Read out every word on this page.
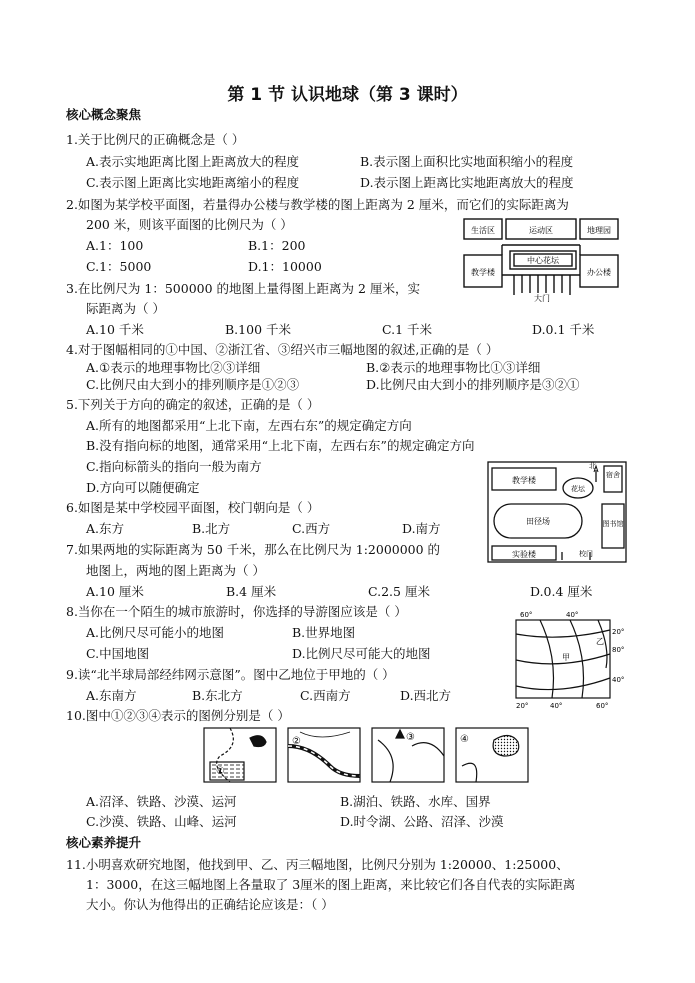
第 1 节 认识地球（第 3 课时）
核心概念聚焦
1.关于比例尺的正确概念是（ ）
A.表示实地距离比图上距离放大的程度	B.表示图上面积比实地面积缩小的程度
C.表示图上距离比实地距离缩小的程度	D.表示图上距离比实地距离放大的程度
2.如图为某学校平面图，若量得办公楼与教学楼的图上距离为 2 厘米，而它们的实际距离为
200 米，则该平面图的比例尺为（ ）
A.1：100	B.1：200
C.1：5000	D.1：10000
生活区	运动区	地理园
教学楼
中心花坛
办公楼
大门
3.在比例尺为 1：500000 的地图上量得图上距离为 2 厘米，实
际距离为（ ）
A.10 千米	B.100 千米	C.1 千米	D.0.1 千米
4.对于图幅相同的①中国、②浙江省、③绍兴市三幅地图的叙述,正确的是（ ）
A.①表示的地理事物比②③详细	B.②表示的地理事物比①③详细
C.比例尺由大到小的排列顺序是①②③	D.比例尺由大到小的排列顺序是③②①
5.下列关于方向的确定的叙述，正确的是（ ）
A.所有的地图都采用“上北下南，左西右东”的规定确定方向
B.没有指向标的地图，通常采用“上北下南，左西右东”的规定确定方向
C.指向标箭头的指向一般为南方
D.方向可以随便确定
北
教学楼
花坛
宿舍
田径场	图书馆
实验楼	校门
6.如图是某中学校园平面图，校门朝向是（ ）
A.东方	B.北方	C.西方	D.南方
7.如果两地的实际距离为 50 千米，那么在比例尺为 1:2000000 的
地图上，两地的图上距离为（ ）
A.10 厘米	B.4 厘米	C.2.5 厘米	D.0.4 厘米
8.当你在一个陌生的城市旅游时，你选择的导游图应该是（ ）
A.比例尺尽可能小的地图	B.世界地图
C.中国地图	D.比例尺尽可能大的地图
60°	40°
20°
80°
40°
20°	40°	60°
甲
乙
9.读“北半球局部经纬网示意图”。图中乙地位于甲地的（ ）
A.东南方	B.东北方	C.西南方	D.西北方
10.图中①②③④表示的图例分别是（ ）
①
②	③	④
A.沼泽、铁路、沙漠、运河	B.湖泊、铁路、水库、国界
C.沙漠、铁路、山峰、运河	D.时令湖、公路、沼泽、沙漠
核心素养提升
11.小明喜欢研究地图，他找到甲、乙、丙三幅地图，比例尺分别为 1:20000、1:25000、
1：3000，在这三幅地图上各量取了 3厘米的图上距离，来比较它们各自代表的实际距离
大小。你认为他得出的正确结论应该是：（ ）
